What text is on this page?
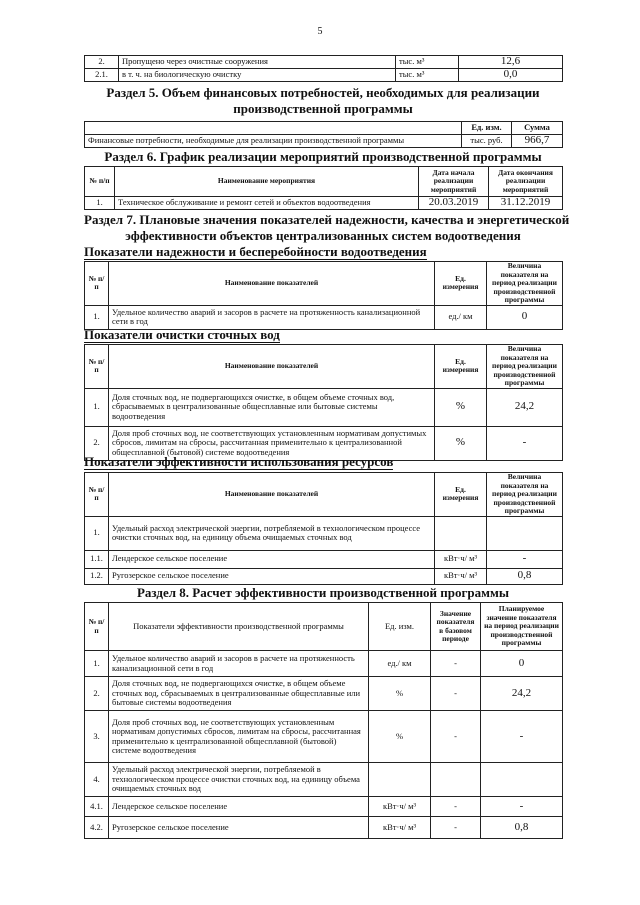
5
2.	Пропущено через очистные сооружения	тыс. м³	12,6
2.1.	в т. ч. на биологическую очистку	тыс. м³	0,0
Раздел 5. Объем финансовых потребностей, необходимых для реализации
производственной программы
	Ед. изм.	Сумма
Финансовые потребности, необходимые для реализации производственной программы	тыс. руб.	966,7
Раздел 6. График реализации мероприятий производственной программы
№ п/п	Наименование мероприятия	Дата начала реализации мероприятий	Дата окончания реализации мероприятий
1.	Техническое обслуживание и ремонт сетей и объектов водоотведения	20.03.2019	31.12.2019
Раздел 7. Плановые значения показателей надежности, качества и энергетической
эффективности объектов централизованных систем водоотведения
Показатели надежности и бесперебойности водоотведения
№ п/п	Наименование показателей	Ед. измерения	Величина показателя на период реализации производственной программы
1.	Удельное количество аварий и засоров в расчете на протяженность канализационной сети в год	ед./ км	0
Показатели очистки сточных вод
№ п/п	Наименование показателей	Ед. измерения	Величина показателя на период реализации производственной программы
1.	Доля сточных вод, не подвергающихся очистке, в общем объеме сточных вод, сбрасываемых в централизованные общесплавные или бытовые системы водоотведения	%	24,2
2.	Доля проб сточных вод, не соответствующих установленным нормативам допустимых сбросов, лимитам на сбросы, рассчитанная применительно к централизованной общесплавной (бытовой) системе водоотведения	%	-
Показатели эффективности использования ресурсов
№ п/п	Наименование показателей	Ед. измерения	Величина показателя на период реализации производственной программы
1.	Удельный расход электрической энергии, потребляемой в технологическом процессе очистки сточных вод, на единицу объема очищаемых сточных вод		
1.1.	Лендерское сельское поселение	кВт·ч/ м³	-
1.2.	Ругозерское сельское поселение	кВт·ч/ м³	0,8
Раздел 8. Расчет эффективности производственной программы
№ п/п	Показатели эффективности производственной программы	Ед. изм.	Значение показателя в базовом периоде	Планируемое значение показателя на период реализации производственной программы
1.	Удельное количество аварий и засоров в расчете на протяженность канализационной сети в год	ед./ км	-	0
2.	Доля сточных вод, не подвергающихся очистке, в общем объеме сточных вод, сбрасываемых в централизованные общесплавные или бытовые системы водоотведения	%	-	24,2
3.	Доля проб сточных вод, не соответствующих установленным нормативам допустимых сбросов, лимитам на сбросы, рассчитанная применительно к централизованной общесплавной (бытовой) системе водоотведения	%	-	-
4.	Удельный расход электрической энергии, потребляемой в технологическом процессе очистки сточных вод, на единицу объема очищаемых сточных вод			
4.1.	Лендерское сельское поселение	кВт·ч/ м³	-	-
4.2.	Ругозерское сельское поселение	кВт·ч/ м³	-	0,8
